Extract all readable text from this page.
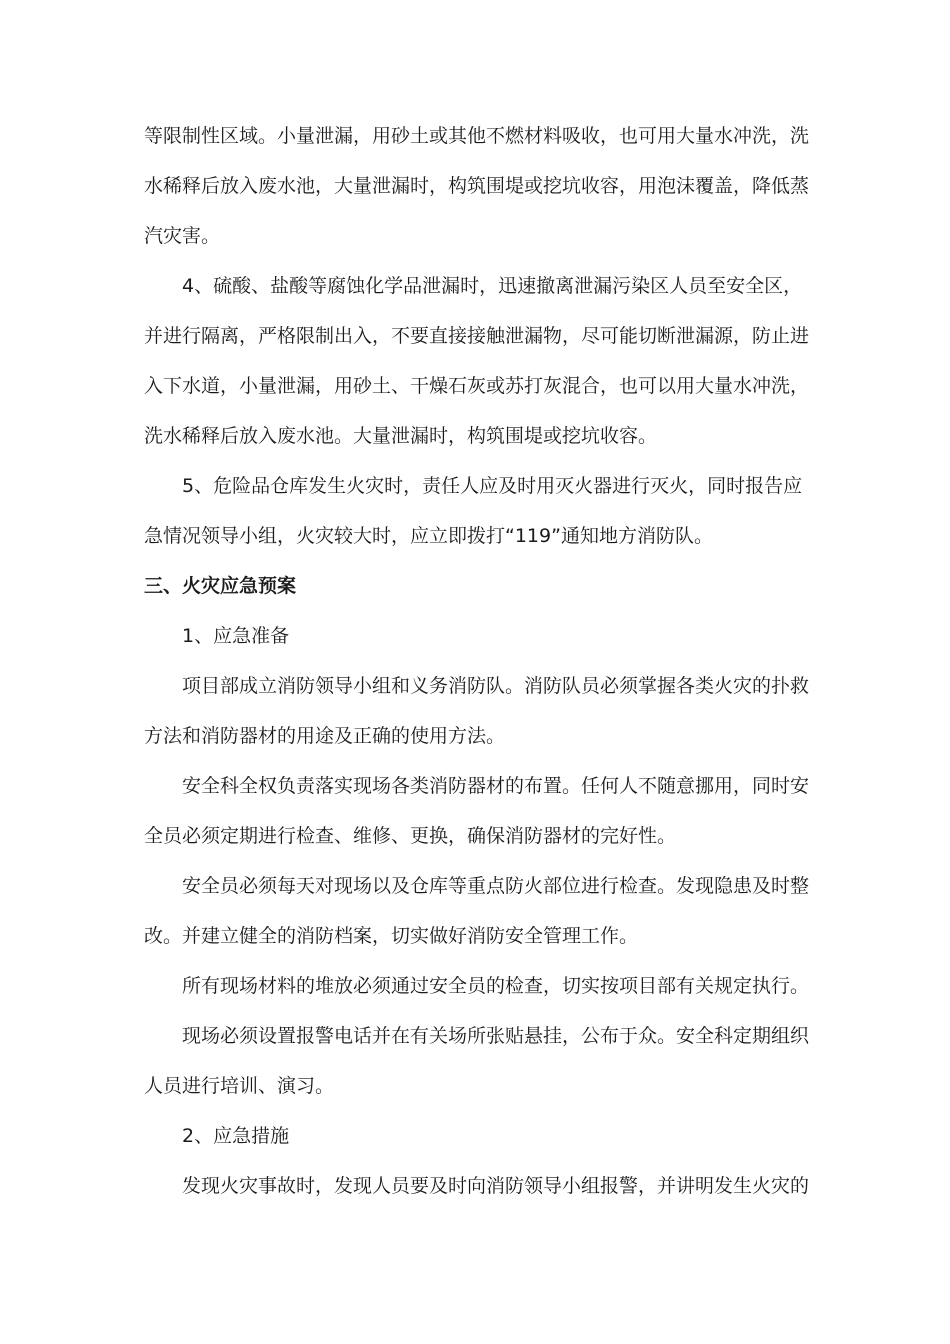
等限制性区域。小量泄漏，用砂土或其他不燃材料吸收，也可用大量水冲洗，洗
水稀释后放入废水池，大量泄漏时，构筑围堤或挖坑收容，用泡沫覆盖，降低蒸
汽灾害。
4、硫酸、盐酸等腐蚀化学品泄漏时，迅速撤离泄漏污染区人员至安全区，
并进行隔离，严格限制出入，不要直接接触泄漏物，尽可能切断泄漏源，防止进
入下水道，小量泄漏，用砂土、干燥石灰或苏打灰混合，也可以用大量水冲洗，
洗水稀释后放入废水池。大量泄漏时，构筑围堤或挖坑收容。
5、危险品仓库发生火灾时，责任人应及时用灭火器进行灭火，同时报告应
急情况领导小组，火灾较大时，应立即拨打“119”通知地方消防队。
三、火灾应急预案
1、应急准备
项目部成立消防领导小组和义务消防队。消防队员必须掌握各类火灾的扑救
方法和消防器材的用途及正确的使用方法。
安全科全权负责落实现场各类消防器材的布置。任何人不随意挪用，同时安
全员必须定期进行检查、维修、更换，确保消防器材的完好性。
安全员必须每天对现场以及仓库等重点防火部位进行检查。发现隐患及时整
改。并建立健全的消防档案，切实做好消防安全管理工作。
所有现场材料的堆放必须通过安全员的检查，切实按项目部有关规定执行。
现场必须设置报警电话并在有关场所张贴悬挂，公布于众。安全科定期组织
人员进行培训、演习。
2、应急措施
发现火灾事故时，发现人员要及时向消防领导小组报警，并讲明发生火灾的
